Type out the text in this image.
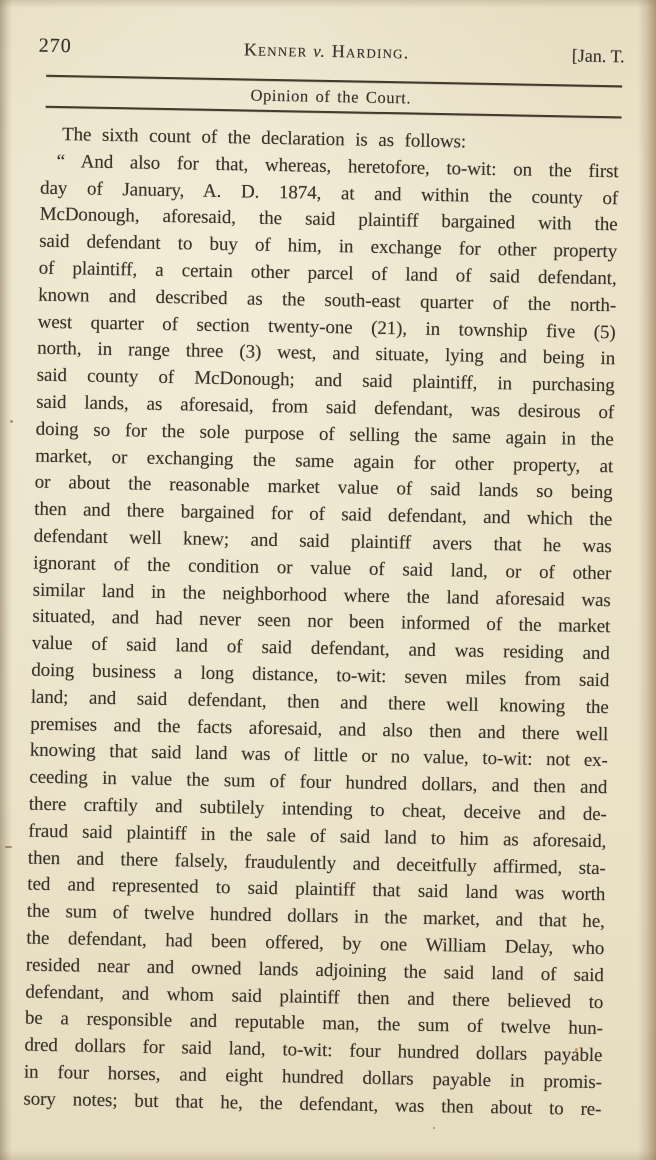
270	Kenner v. Harding.	[Jan. T.
Opinion of the Court.
The sixth count of the declaration is as follows:
“ And also for that, whereas, heretofore, to-wit: on the first
day of January, A. D. 1874, at and within the county of
McDonough, aforesaid, the said plaintiff bargained with the
said defendant to buy of him, in exchange for other property
of plaintiff, a certain other parcel of land of said defendant,
known and described as the south-east quarter of the north-
west quarter of section twenty-one (21), in township five (5)
north, in range three (3) west, and situate, lying and being in
said county of McDonough; and said plaintiff, in purchasing
said lands, as aforesaid, from said defendant, was desirous of
doing so for the sole purpose of selling the same again in the
market, or exchanging the same again for other property, at
or about the reasonable market value of said lands so being
then and there bargained for of said defendant, and which the
defendant well knew; and said plaintiff avers that he was
ignorant of the condition or value of said land, or of other
similar land in the neighborhood where the land aforesaid was
situated, and had never seen nor been informed of the market
value of said land of said defendant, and was residing and
doing business a long distance, to-wit: seven miles from said
land; and said defendant, then and there well knowing the
premises and the facts aforesaid, and also then and there well
knowing that said land was of little or no value, to-wit: not ex-
ceeding in value the sum of four hundred dollars, and then and
there craftily and subtilely intending to cheat, deceive and de-
fraud said plaintiff in the sale of said land to him as aforesaid,
then and there falsely, fraudulently and deceitfully affirmed, sta-
ted and represented to said plaintiff that said land was worth
the sum of twelve hundred dollars in the market, and that he,
the defendant, had been offered, by one William Delay, who
resided near and owned lands adjoining the said land of said
defendant, and whom said plaintiff then and there believed to
be a responsible and reputable man, the sum of twelve hun-
dred dollars for said land, to-wit: four hundred dollars payable
in four horses, and eight hundred dollars payable in promis-
sory notes; but that he, the defendant, was then about to re-
